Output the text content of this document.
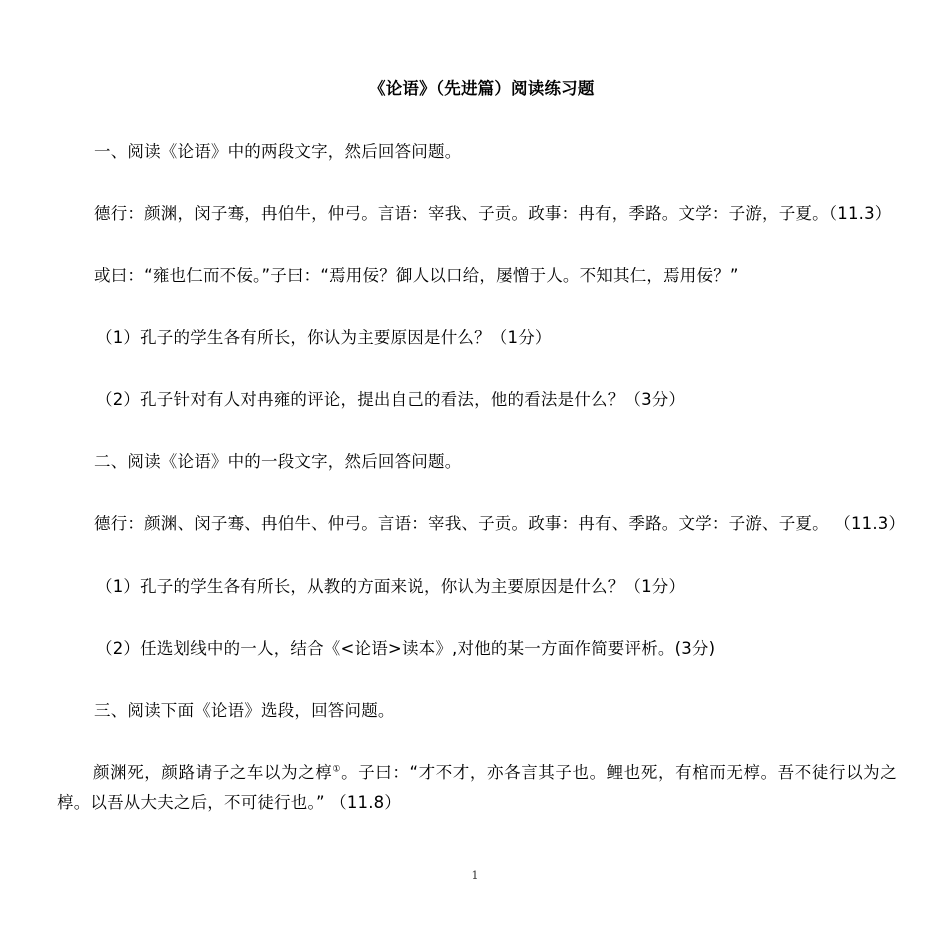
《论语》（先进篇）阅读练习题
一、阅读《论语》中的两段文字，然后回答问题。
德行：颜渊，闵子骞，冉伯牛，仲弓。言语：宰我、子贡。政事：冉有，季路。文学：子游，子夏。（11.3）
或曰：“雍也仁而不佞。”子曰：“焉用佞？御人以口给，屡憎于人。不知其仁，焉用佞？”
（1）孔子的学生各有所长，你认为主要原因是什么？（1分）
（2）孔子针对有人对冉雍的评论，提出自己的看法，他的看法是什么？（3分）
二、阅读《论语》中的一段文字，然后回答问题。
德行：颜渊、闵子骞、冉伯牛、仲弓。言语：宰我、子贡。政事：冉有、季路。文学：子游、子夏。 （11.3）
（1）孔子的学生各有所长，从教的方面来说，你认为主要原因是什么？（1分）
（2）任选划线中的一人，结合《<论语>读本》,对他的某一方面作简要评析。(3分)
三、阅读下面《论语》选段，回答问题。
颜渊死，颜路请子之车以为之椁①。子曰：“才不才，亦各言其子也。鲤也死，有棺而无椁。吾不徒行以为之椁。以吾从大夫之后，不可徒行也。” （11.8）
1
